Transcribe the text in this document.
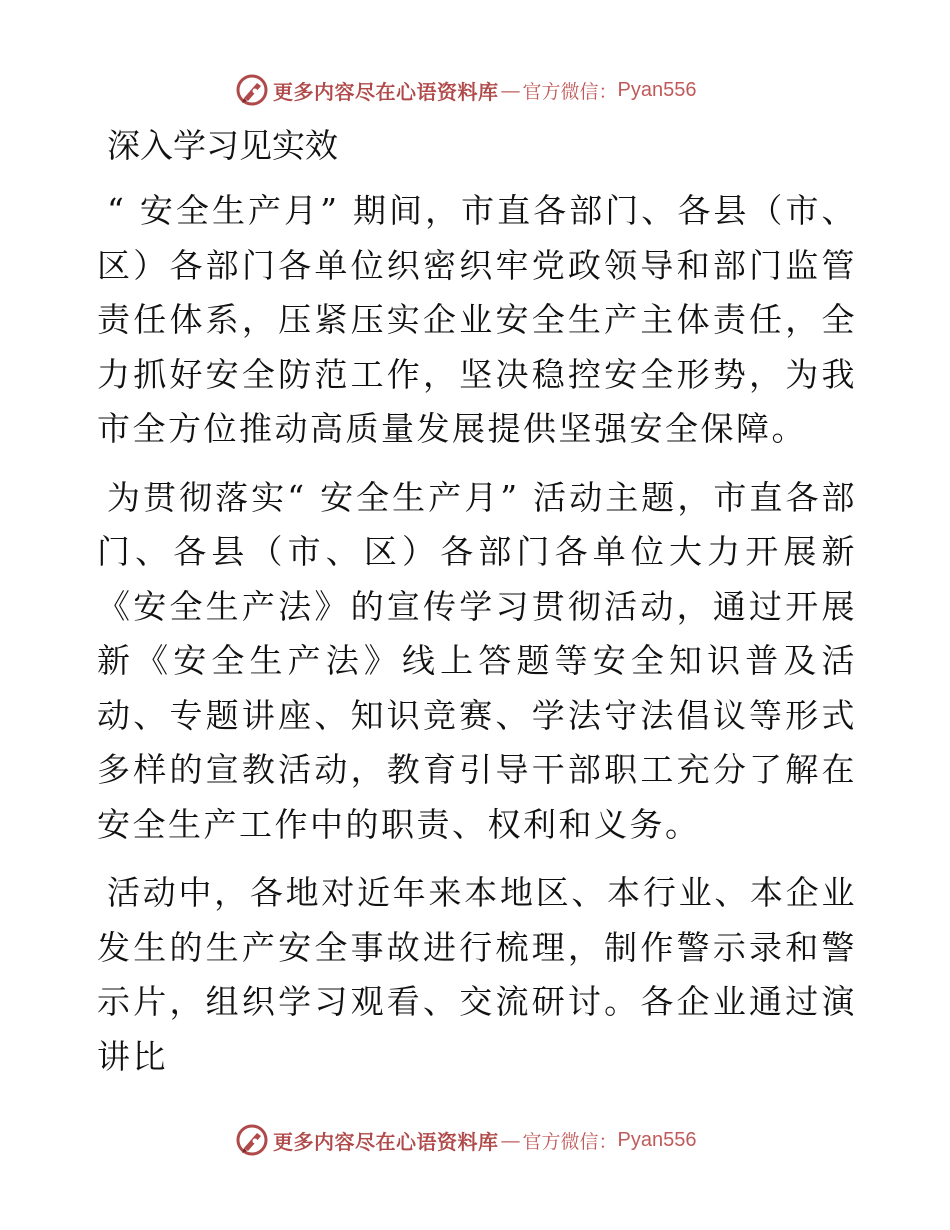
更多内容尽在心语资料库 — 官方微信： Pyan556
深入学习见实效

“ 安全生产月” 期间，市直各部门、各县（市、区）各部门各单位织密织牢党政领导和部门监管责任体系，压紧压实企业安全生产主体责任，全力抓好安全防范工作，坚决稳控安全形势，为我市全方位推动高质量发展提供坚强安全保障。

为贯彻落实“ 安全生产月” 活动主题，市直各部门、各县（市、区）各部门各单位大力开展新《安全生产法》的宣传学习贯彻活动，通过开展新《安全生产法》线上答题等安全知识普及活动、专题讲座、知识竞赛、学法守法倡议等形式多样的宣教活动，教育引导干部职工充分了解在安全生产工作中的职责、权利和义务。

活动中，各地对近年来本地区、本行业、本企业发生的生产安全事故进行梳理，制作警示录和警示片，组织学习观看、交流研讨。各企业通过演讲比

更多内容尽在心语资料库 — 官方微信： Pyan556
